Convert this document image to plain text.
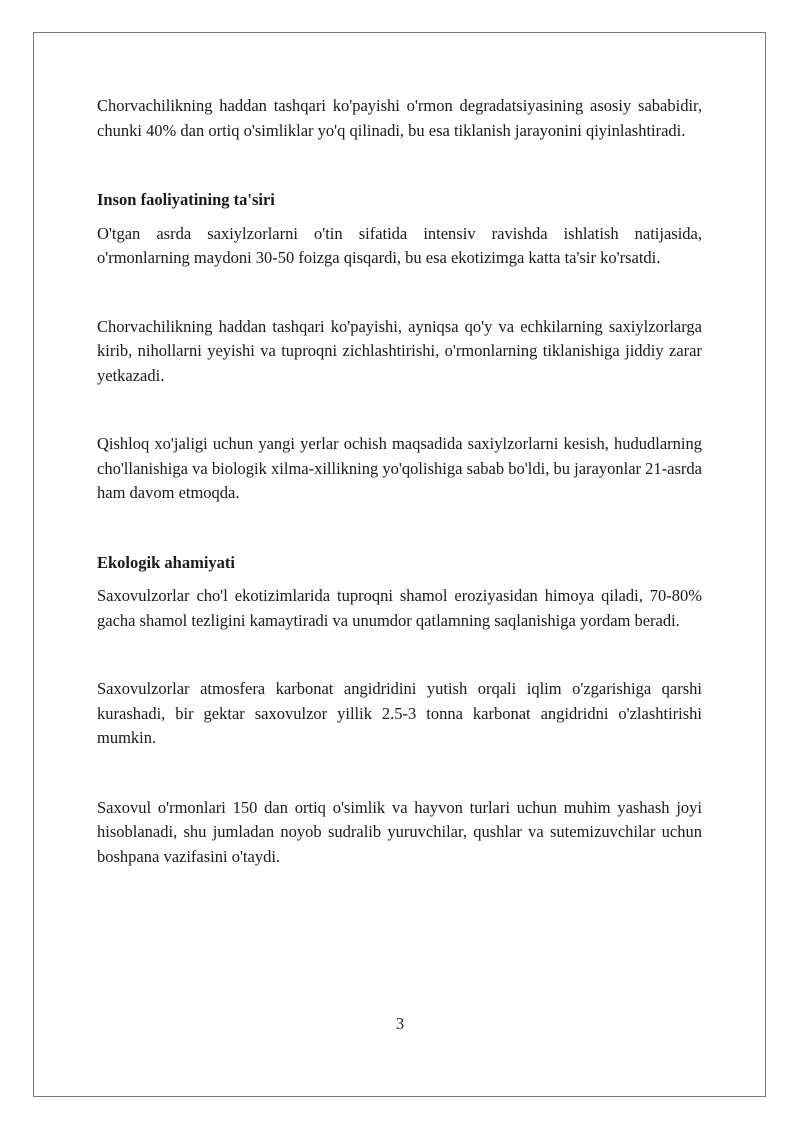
Chorvachilikning haddan tashqari ko'payishi o'rmon degradatsiyasining asosiy sababidir, chunki 40% dan ortiq o'simliklar yo'q qilinadi, bu esa tiklanish jarayonini qiyinlashtiradi.

Inson faoliyatining ta'siri

O'tgan asrda saxiylzorlarni o'tin sifatida intensiv ravishda ishlatish natijasida, o'rmonlarning maydoni 30-50 foizga qisqardi, bu esa ekotizimga katta ta'sir ko'rsatdi.

Chorvachilikning haddan tashqari ko'payishi, ayniqsa qo'y va echkilarning saxiylzorlarga kirib, nihollarni yeyishi va tuproqni zichlashtirishi, o'rmonlarning tiklanishiga jiddiy zarar yetkazadi.

Qishloq xo'jaligi uchun yangi yerlar ochish maqsadida saxiylzorlarni kesish, hududlarning cho'llanishiga va biologik xilma-xillikning yo'qolishiga sabab bo'ldi, bu jarayonlar 21-asrda ham davom etmoqda.

Ekologik ahamiyati

Saxovulzorlar cho'l ekotizimlarida tuproqni shamol eroziyasidan himoya qiladi, 70-80% gacha shamol tezligini kamaytiradi va unumdor qatlamning saqlanishiga yordam beradi.

Saxovulzorlar atmosfera karbonat angidridini yutish orqali iqlim o'zgarishiga qarshi kurashadi, bir gektar saxovulzor yillik 2.5-3 tonna karbonat angidridni o'zlashtirishi mumkin.

Saxovul o'rmonlari 150 dan ortiq o'simlik va hayvon turlari uchun muhim yashash joyi hisoblanadi, shu jumladan noyob sudralib yuruvchilar, qushlar va sutemizuvchilar uchun boshpana vazifasini o'taydi.

3
